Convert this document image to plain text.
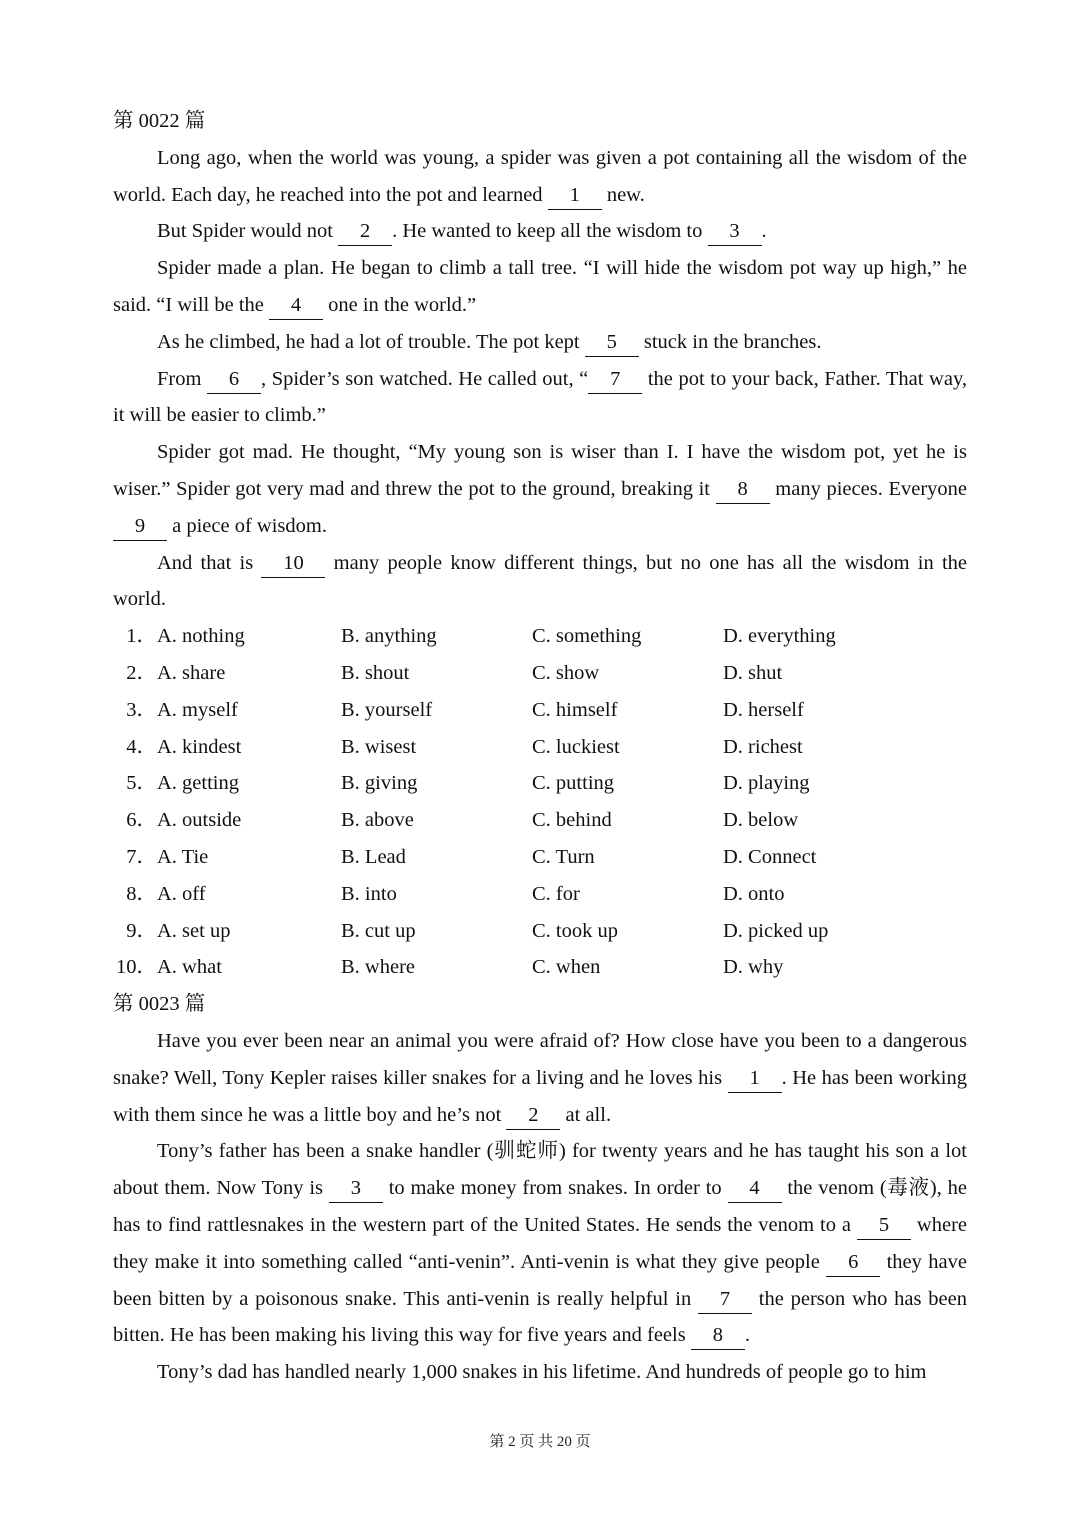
第 0022 篇

Long ago, when the world was young, a spider was given a pot containing all the wisdom of the world. Each day, he reached into the pot and learned 1 new.

But Spider would not 2 . He wanted to keep all the wisdom to 3 .

Spider made a plan. He began to climb a tall tree. “I will hide the wisdom pot way up high,” he said. “I will be the 4 one in the world.”

As he climbed, he had a lot of trouble. The pot kept 5 stuck in the branches.

From 6 , Spider’s son watched. He called out, “ 7 the pot to your back, Father. That way, it will be easier to climb.”

Spider got mad. He thought, “My young son is wiser than I. I have the wisdom pot, yet he is wiser.” Spider got very mad and threw the pot to the ground, breaking it 8 many pieces. Everyone 9 a piece of wisdom.

And that is 10 many people know different things, but no one has all the wisdom in the world.

1． A. nothing	B. anything	C. something	D. everything
2． A. share	B. shout	C. show	D. shut
3． A. myself	B. yourself	C. himself	D. herself
4． A. kindest	B. wisest	C. luckiest	D. richest
5． A. getting	B. giving	C. putting	D. playing
6． A. outside	B. above	C. behind	D. below
7． A. Tie	B. Lead	C. Turn	D. Connect
8． A. off	B. into	C. for	D. onto
9． A. set up	B. cut up	C. took up	D. picked up
10． A. what	B. where	C. when	D. why
第 0023 篇

Have you ever been near an animal you were afraid of? How close have you been to a dangerous snake? Well, Tony Kepler raises killer snakes for a living and he loves his 1 . He has been working with them since he was a little boy and he’s not 2 at all.

Tony’s father has been a snake handler (驯蛇师) for twenty years and he has taught his son a lot about them. Now Tony is 3 to make money from snakes. In order to 4 the venom (毒液), he has to find rattlesnakes in the western part of the United States. He sends the venom to a 5 where they make it into something called “anti-venin”. Anti-venin is what they give people 6 they have been bitten by a poisonous snake. This anti-venin is really helpful in 7 the person who has been bitten. He has been making his living this way for five years and feels 8 .

Tony’s dad has handled nearly 1,000 snakes in his lifetime. And hundreds of people go to him

第 2 页 共 20 页
